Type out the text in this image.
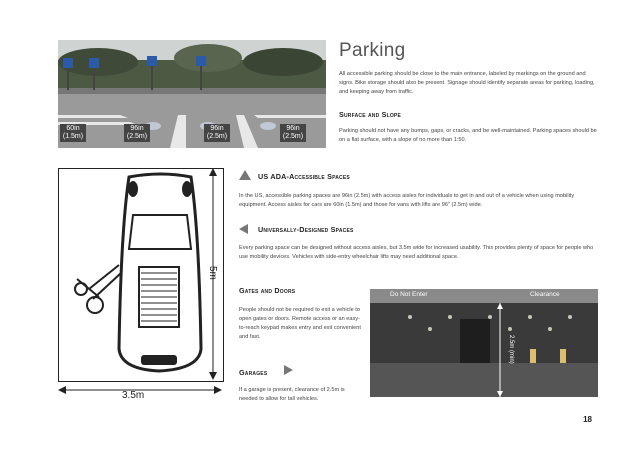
60in
(1.5m)
96in
(2.5m)
96in
(2.5m)
96in
(2.5m)
Parking
All accessible parking should be close to the main entrance, labeled by markings on the ground and signs. Bike storage should also be present. Signage should identify separate areas for parking, loading, and keeping away from traffic.
Surface and Slope
Parking should not have any bumps, gaps, or cracks, and be well-maintained. Parking spaces should be on a flat surface, with a slope of no more than 1:50.
5m
3.5m
US ADA-Accessible Spaces
In the US, accessible parking spaces are 96in (2.5m) with access aisles for individuals to get in and out of a vehicle when using mobility equipment. Access aisles for cars are 60in (1.5m) and those for vans with lifts are 96" (2.5m) wide.
Universally-Designed Spaces
Every parking space can be designed without access aisles, but 3.5m wide for increased usability. This provides plenty of space for people who use mobility devices. Vehicles with side-entry wheelchair lifts may need additional space.
Gates and Doors
People should not be required to exit a vehicle to open gates or doors. Remote access or an easy-to-reach keypad makes entry and exit convenient and fast.
Garages
If a garage is present, clearance of 2.5m is needed to allow for tall vehicles.
Do Not Enter	Clearance
2.5m (min)
18
